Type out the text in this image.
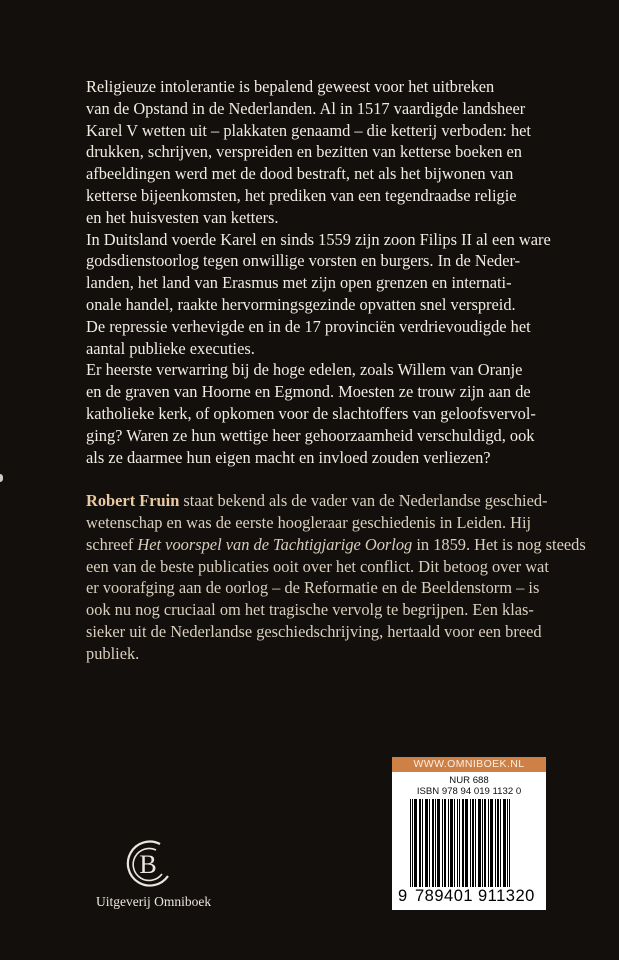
Religieuze intolerantie is bepalend geweest voor het uitbreken

van de Opstand in de Nederlanden. Al in 1517 vaardigde landsheer

Karel V wetten uit – plakkaten genaamd – die ketterij verboden: het

drukken, schrijven, verspreiden en bezitten van ketterse boeken en

afbeeldingen werd met de dood bestraft, net als het bijwonen van

ketterse bijeenkomsten, het prediken van een tegendraadse religie

en het huisvesten van ketters.

In Duitsland voerde Karel en sinds 1559 zijn zoon Filips II al een ware

godsdienstoorlog tegen onwillige vorsten en burgers. In de Neder-

landen, het land van Erasmus met zijn open grenzen en internati-

onale handel, raakte hervormingsgezinde opvatten snel verspreid.

De repressie verhevigde en in de 17 provinciën verdrievoudigde het

aantal publieke executies.

Er heerste verwarring bij de hoge edelen, zoals Willem van Oranje

en de graven van Hoorne en Egmond. Moesten ze trouw zijn aan de

katholieke kerk, of opkomen voor de slachtoffers van geloofsvervol-

ging? Waren ze hun wettige heer gehoorzaamheid verschuldigd, ook

als ze daarmee hun eigen macht en invloed zouden verliezen?

Robert Fruin staat bekend als de vader van de Nederlandse geschied-

wetenschap en was de eerste hoogleraar geschiedenis in Leiden. Hij

schreef Het voorspel van de Tachtigjarige Oorlog in 1859. Het is nog steeds

een van de beste publicaties ooit over het conflict. Dit betoog over wat

er voorafging aan de oorlog – de Reformatie en de Beeldenstorm – is

ook nu nog cruciaal om het tragische vervolg te begrijpen. Een klas-

sieker uit de Nederlandse geschiedschrijving, hertaald voor een breed

publiek.

WWW.OMNIBOEK.NL
NUR 688
ISBN 978 94 019 1132 0
9 789401 911320
B
Uitgeverij Omniboek
